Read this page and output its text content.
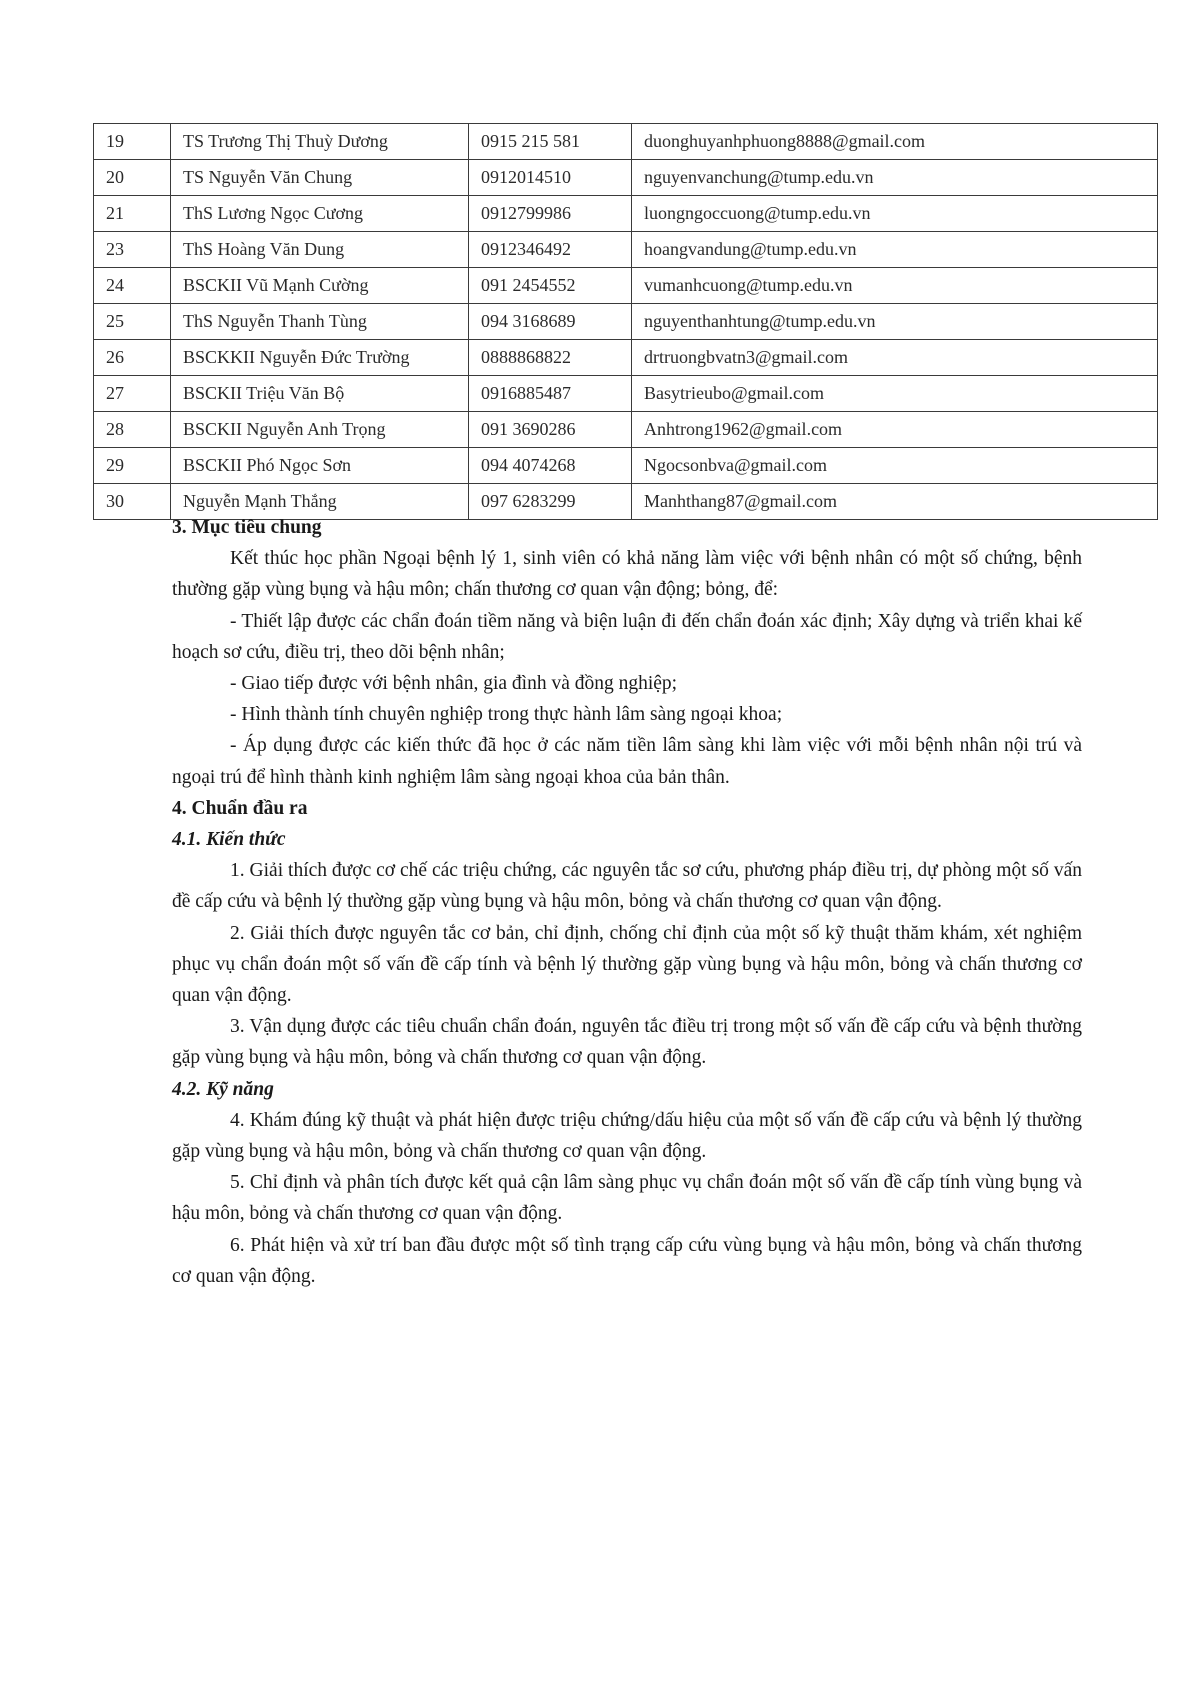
19	TS Trương Thị Thuỳ Dương	0915 215 581	duonghuyanhphuong8888@gmail.com
20	TS Nguyễn Văn Chung	0912014510	nguyenvanchung@tump.edu.vn
21	ThS Lương Ngọc Cương	0912799986	luongngoccuong@tump.edu.vn
23	ThS Hoàng Văn Dung	0912346492	hoangvandung@tump.edu.vn
24	BSCKII Vũ Mạnh Cường	091 2454552	vumanhcuong@tump.edu.vn
25	ThS Nguyễn Thanh Tùng	094 3168689	nguyenthanhtung@tump.edu.vn
26	BSCKKII Nguyễn Đức Trường	0888868822	drtruongbvatn3@gmail.com
27	BSCKII Triệu Văn Bộ	0916885487	Basytrieubo@gmail.com
28	BSCKII Nguyễn Anh Trọng	091 3690286	Anhtrong1962@gmail.com
29	BSCKII Phó Ngọc Sơn	094 4074268	Ngocsonbva@gmail.com
30	Nguyễn Mạnh Thắng	097 6283299	Manhthang87@gmail.com

3. Mục tiêu chung

Kết thúc học phần Ngoại bệnh lý 1, sinh viên có khả năng làm việc với bệnh nhân có một số chứng, bệnh thường gặp vùng bụng và hậu môn; chấn thương cơ quan vận động; bỏng, để:

- Thiết lập được các chẩn đoán tiềm năng và biện luận đi đến chẩn đoán xác định; Xây dựng và triển khai kế hoạch sơ cứu, điều trị, theo dõi bệnh nhân;

- Giao tiếp được với bệnh nhân, gia đình và đồng nghiệp;

- Hình thành tính chuyên nghiệp trong thực hành lâm sàng ngoại khoa;

- Áp dụng được các kiến thức đã học ở các năm tiền lâm sàng khi làm việc với mỗi bệnh nhân nội trú và ngoại trú để hình thành kinh nghiệm lâm sàng ngoại khoa của bản thân.

4. Chuẩn đầu ra

4.1. Kiến thức

1. Giải thích được cơ chế các triệu chứng, các nguyên tắc sơ cứu, phương pháp điều trị, dự phòng một số vấn đề cấp cứu và bệnh lý thường gặp vùng bụng và hậu môn, bỏng và chấn thương cơ quan vận động.

2. Giải thích được nguyên tắc cơ bản, chỉ định, chống chỉ định của một số kỹ thuật thăm khám, xét nghiệm phục vụ chẩn đoán một số vấn đề cấp tính và bệnh lý thường gặp vùng bụng và hậu môn, bỏng và chấn thương cơ quan vận động.

3. Vận dụng được các tiêu chuẩn chẩn đoán, nguyên tắc điều trị trong một số vấn đề cấp cứu và bệnh thường gặp vùng bụng và hậu môn, bỏng và chấn thương cơ quan vận động.

4.2. Kỹ năng

4. Khám đúng kỹ thuật và phát hiện được triệu chứng/dấu hiệu của một số vấn đề cấp cứu và bệnh lý thường gặp vùng bụng và hậu môn, bỏng và chấn thương cơ quan vận động.

5. Chỉ định và phân tích được kết quả cận lâm sàng phục vụ chẩn đoán một số vấn đề cấp tính vùng bụng và hậu môn, bỏng và chấn thương cơ quan vận động.

6. Phát hiện và xử trí ban đầu được một số tình trạng cấp cứu vùng bụng và hậu môn, bỏng và chấn thương cơ quan vận động.
